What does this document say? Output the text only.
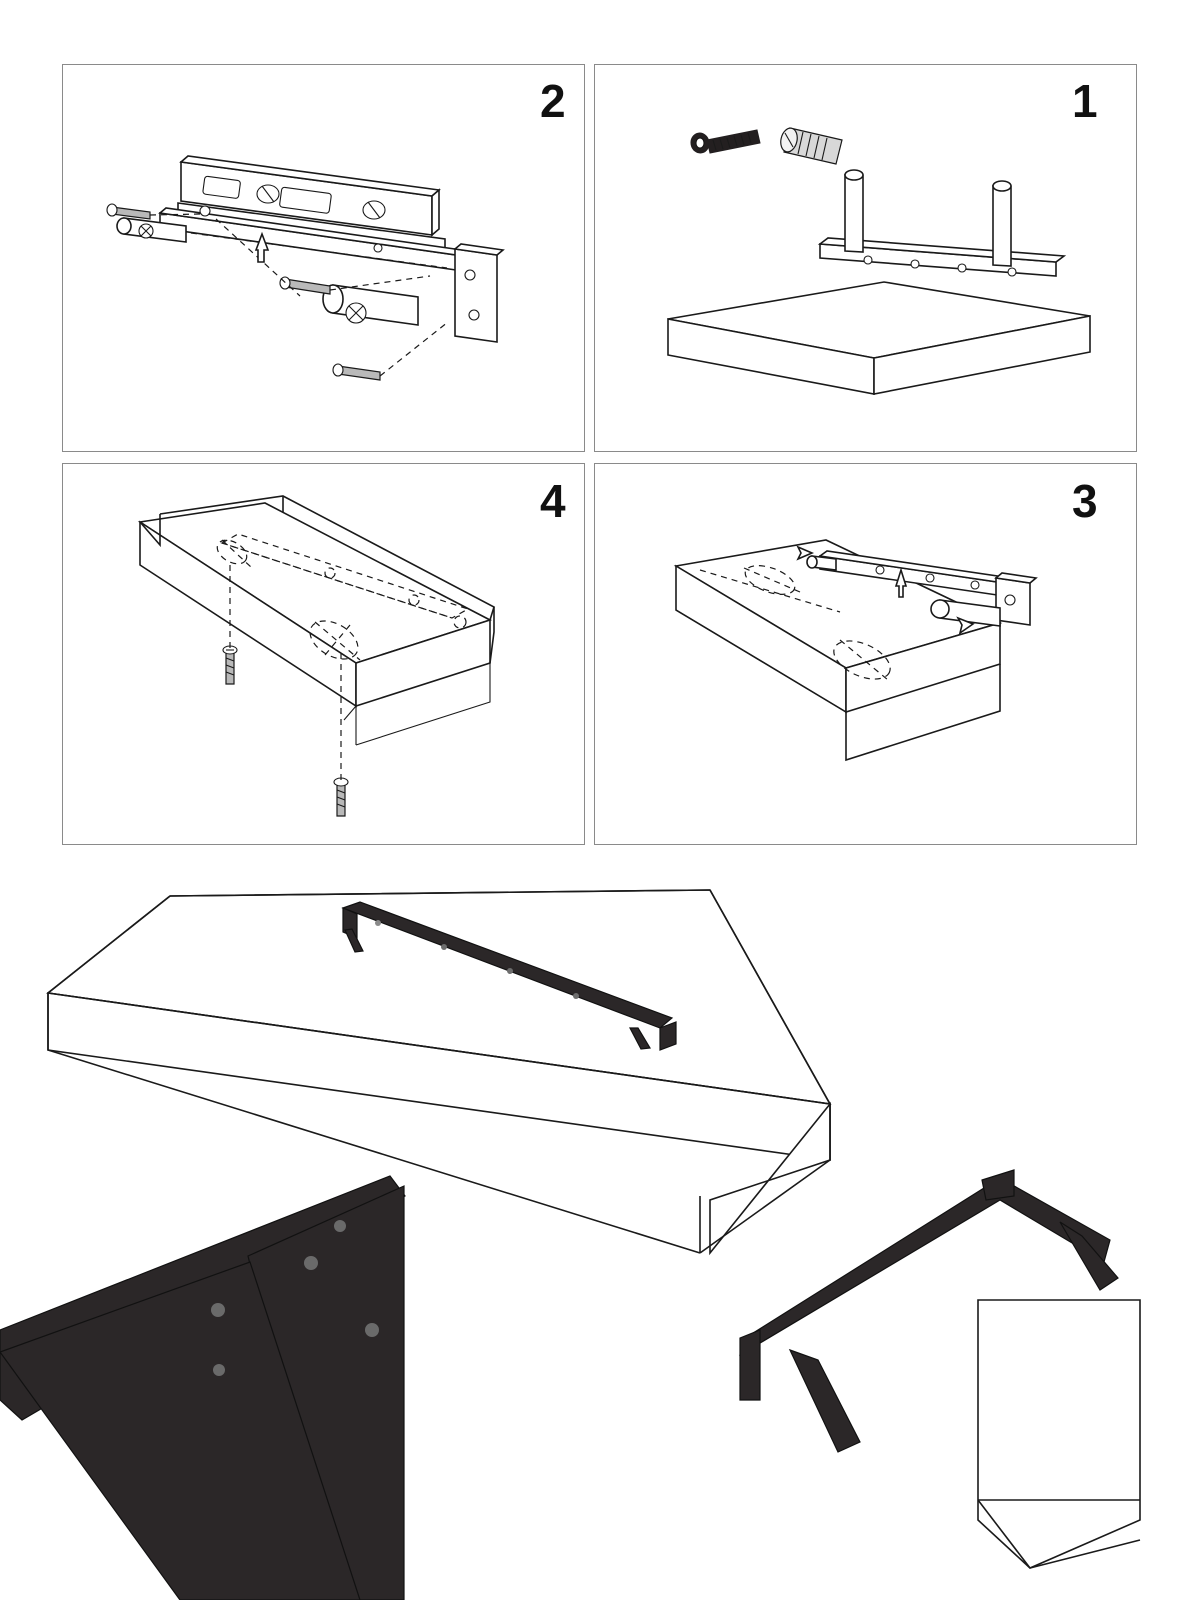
2	1
4	3
